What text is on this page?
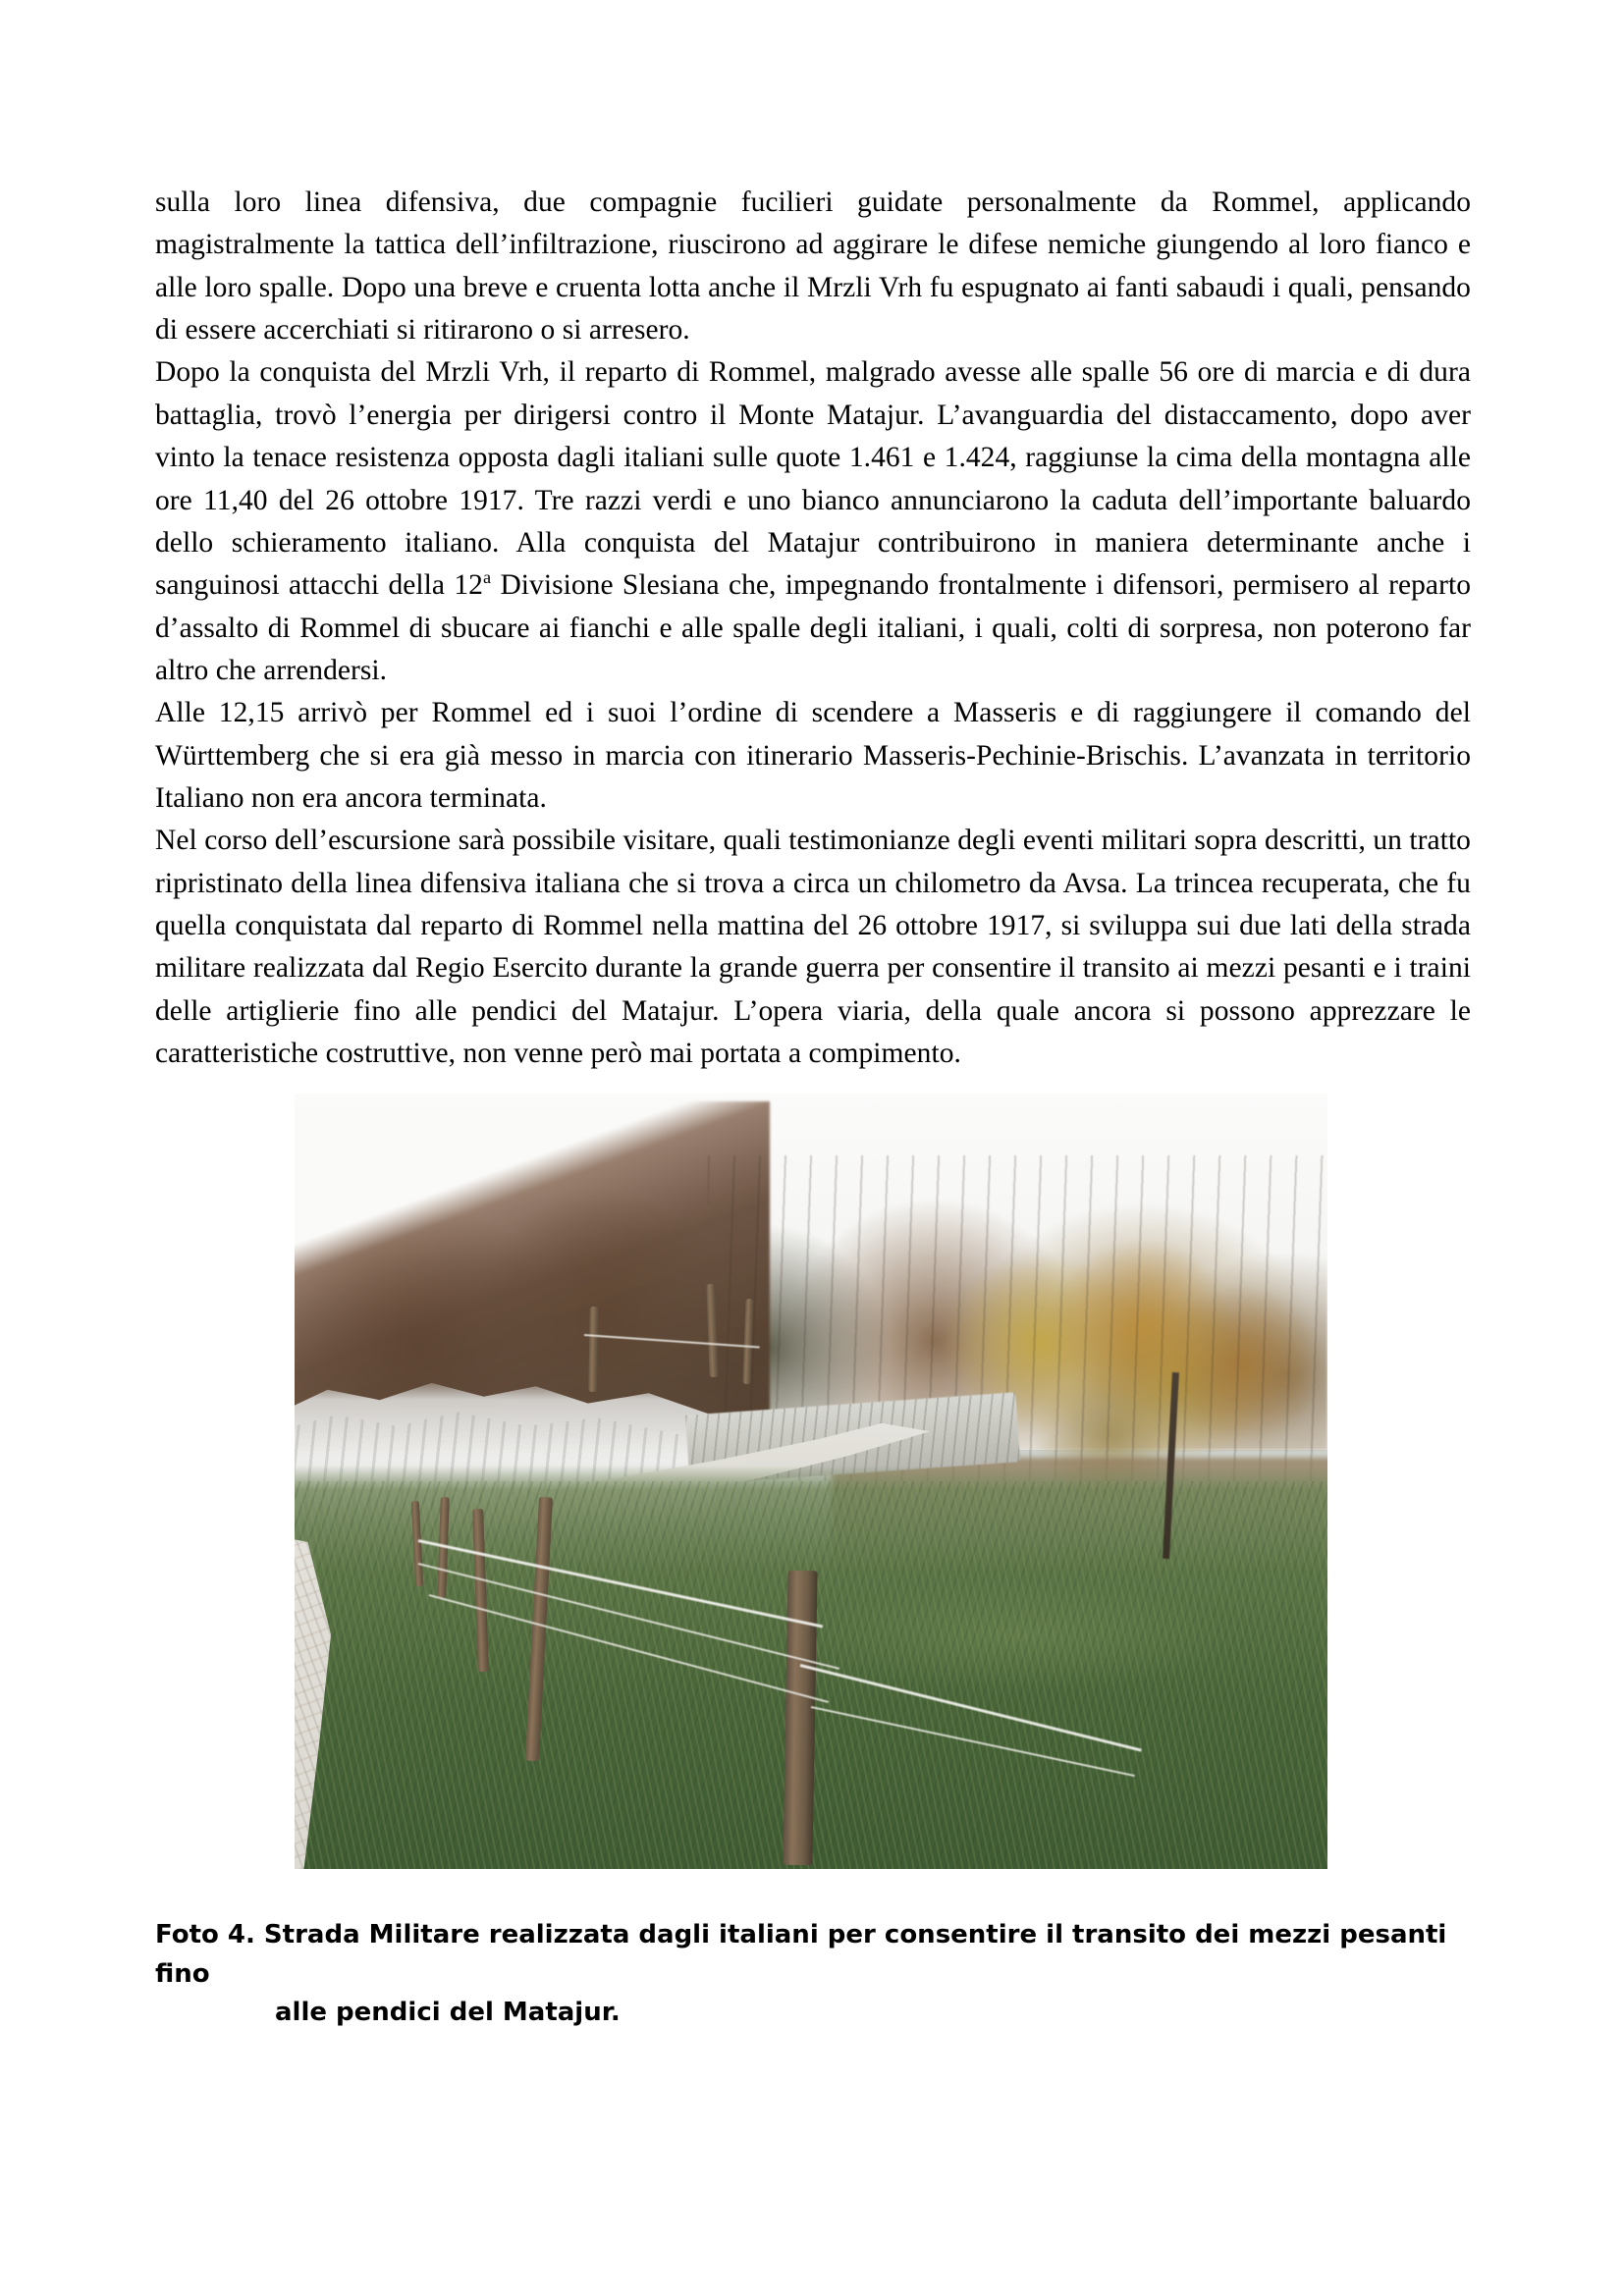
sulla loro linea difensiva, due compagnie fucilieri guidate personalmente da Rommel, applicando magistralmente la tattica dell’infiltrazione, riuscirono ad aggirare le difese nemiche giungendo al loro fianco e alle loro spalle. Dopo una breve e cruenta lotta anche il Mrzli Vrh fu espugnato ai fanti sabaudi i quali, pensando di essere accerchiati si ritirarono o si arresero.

Dopo la conquista del Mrzli Vrh, il reparto di Rommel, malgrado avesse alle spalle 56 ore di marcia e di dura battaglia, trovò l’energia per dirigersi contro il Monte Matajur. L’avanguardia del distaccamento, dopo aver vinto la tenace resistenza opposta dagli italiani sulle quote 1.461 e 1.424, raggiunse la cima della montagna alle ore 11,40 del 26 ottobre 1917. Tre razzi verdi e uno bianco annunciarono la caduta dell’importante baluardo dello schieramento italiano. Alla conquista del Matajur contribuirono in maniera determinante anche i sanguinosi attacchi della 12$^a$ Divisione Slesiana che, impegnando frontalmente i difensori, permisero al reparto d’assalto di Rommel di sbucare ai fianchi e alle spalle degli italiani, i quali, colti di sorpresa, non poterono far altro che arrendersi.

Alle 12,15 arrivò per Rommel ed i suoi l’ordine di scendere a Masseris e di raggiungere il comando del Württemberg che si era già messo in marcia con itinerario Masseris-Pechinie-Brischis. L’avanzata in territorio Italiano non era ancora terminata.

Nel corso dell’escursione sarà possibile visitare, quali testimonianze degli eventi militari sopra descritti, un tratto ripristinato della linea difensiva italiana che si trova a circa un chilometro da Avsa. La trincea recuperata, che fu quella conquistata dal reparto di Rommel nella mattina del 26 ottobre 1917, si sviluppa sui due lati della strada militare realizzata dal Regio Esercito durante la grande guerra per consentire il transito ai mezzi pesanti e i traini delle artiglierie fino alle pendici del Matajur. L’opera viaria, della quale ancora si possono apprezzare le caratteristiche costruttive, non venne però mai portata a compimento.

Foto 4. Strada Militare realizzata dagli italiani per consentire il transito dei mezzi pesanti fino
alle pendici del Matajur.
